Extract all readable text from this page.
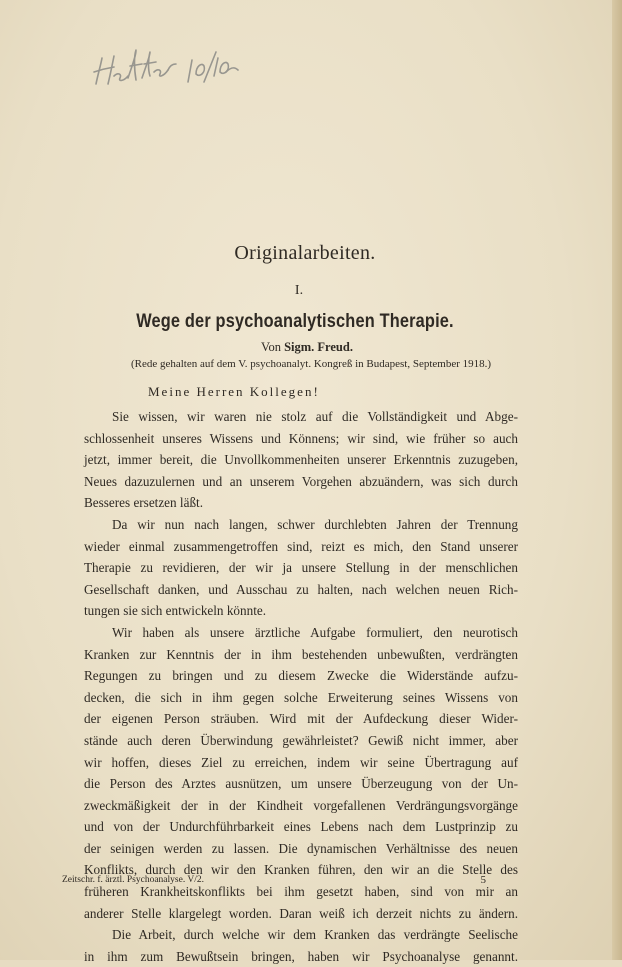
Originalarbeiten.
I.
Wege der psychoanalytischen Therapie.
Von Sigm. Freud.
(Rede gehalten auf dem V. psychoanalyt. Kongreß in Budapest, September 1918.)

Meine Herren Kollegen!

Sie wissen, wir waren nie stolz auf die Vollständigkeit und Abge-
schlossenheit unseres Wissens und Könnens; wir sind, wie früher so auch
jetzt, immer bereit, die Unvollkommenheiten unserer Erkenntnis zuzugeben,
Neues dazuzulernen und an unserem Vorgehen abzuändern, was sich durch
Besseres ersetzen läßt.
Da wir nun nach langen, schwer durchlebten Jahren der Trennung
wieder einmal zusammengetroffen sind, reizt es mich, den Stand unserer
Therapie zu revidieren, der wir ja unsere Stellung in der menschlichen
Gesellschaft danken, und Ausschau zu halten, nach welchen neuen Rich-
tungen sie sich entwickeln könnte.
Wir haben als unsere ärztliche Aufgabe formuliert, den neurotisch
Kranken zur Kenntnis der in ihm bestehenden unbewußten, verdrängten
Regungen zu bringen und zu diesem Zwecke die Widerstände aufzu-
decken, die sich in ihm gegen solche Erweiterung seines Wissens von
der eigenen Person sträuben. Wird mit der Aufdeckung dieser Wider-
stände auch deren Überwindung gewährleistet? Gewiß nicht immer, aber
wir hoffen, dieses Ziel zu erreichen, indem wir seine Übertragung auf
die Person des Arztes ausnützen, um unsere Überzeugung von der Un-
zweckmäßigkeit der in der Kindheit vorgefallenen Verdrängungsvorgänge
und von der Undurchführbarkeit eines Lebens nach dem Lustprinzip zu
der seinigen werden zu lassen. Die dynamischen Verhältnisse des neuen
Konflikts, durch den wir den Kranken führen, den wir an die Stelle des
früheren Krankheitskonflikts bei ihm gesetzt haben, sind von mir an
anderer Stelle klargelegt worden. Daran weiß ich derzeit nichts zu ändern.
Die Arbeit, durch welche wir dem Kranken das verdrängte Seelische
in ihm zum Bewußtsein bringen, haben wir Psychoanalyse genannt.
Zeitschr. f. ärztl. Psychoanalyse. V/2.	5
